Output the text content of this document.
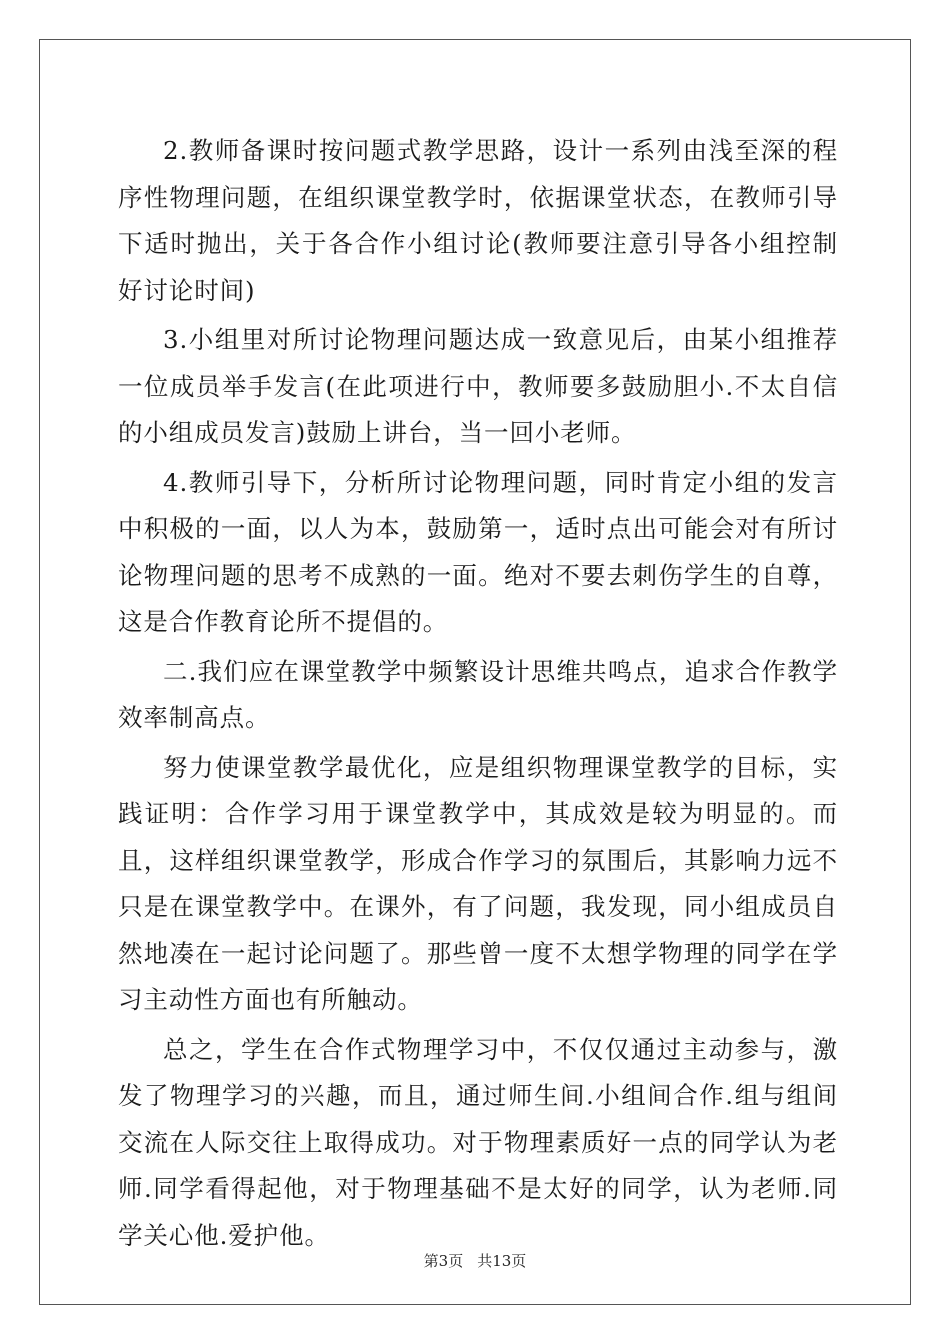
2.教师备课时按问题式教学思路，设计一系列由浅至深的程序性物理问题，在组织课堂教学时，依据课堂状态，在教师引导下适时抛出，关于各合作小组讨论(教师要注意引导各小组控制好讨论时间)

3.小组里对所讨论物理问题达成一致意见后，由某小组推荐一位成员举手发言(在此项进行中，教师要多鼓励胆小.不太自信的小组成员发言)鼓励上讲台，当一回小老师。

4.教师引导下，分析所讨论物理问题，同时肯定小组的发言中积极的一面，以人为本，鼓励第一，适时点出可能会对有所讨论物理问题的思考不成熟的一面。绝对不要去刺伤学生的自尊，这是合作教育论所不提倡的。

二.我们应在课堂教学中频繁设计思维共鸣点，追求合作教学效率制高点。

努力使课堂教学最优化，应是组织物理课堂教学的目标，实践证明：合作学习用于课堂教学中，其成效是较为明显的。而且，这样组织课堂教学，形成合作学习的氛围后，其影响力远不只是在课堂教学中。在课外，有了问题，我发现，同小组成员自然地凑在一起讨论问题了。那些曾一度不太想学物理的同学在学习主动性方面也有所触动。

总之，学生在合作式物理学习中，不仅仅通过主动参与，激发了物理学习的兴趣，而且，通过师生间.小组间合作.组与组间交流在人际交往上取得成功。对于物理素质好一点的同学认为老师.同学看得起他，对于物理基础不是太好的同学，认为老师.同学关心他.爱护他。

第3页 共13页
